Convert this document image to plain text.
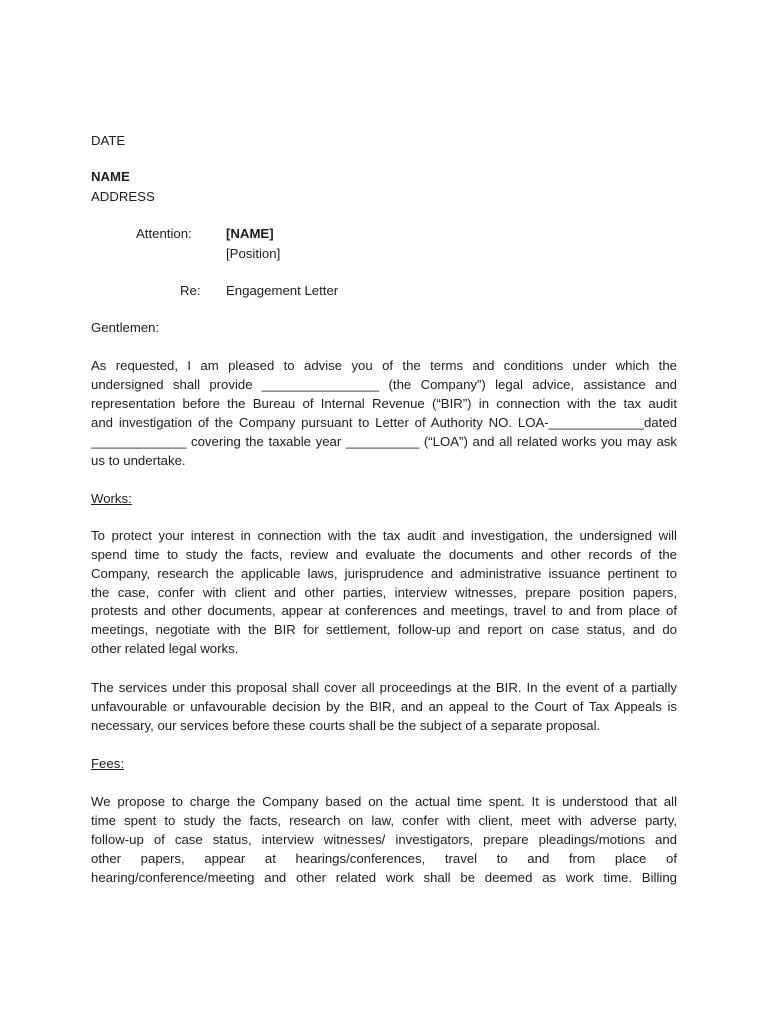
DATE
NAME
ADDRESS
Attention:	[NAME]
[Position]
Re: Engagement Letter
Gentlemen:
As requested, I am pleased to advise you of the terms and conditions under which the
undersigned shall provide ________________ (the Company”) legal advice, assistance and
representation before the Bureau of Internal Revenue (“BIR”) in connection with the tax audit
and investigation of the Company pursuant to Letter of Authority NO. LOA-_____________dated
_____________ covering the taxable year __________ (“LOA”) and all related works you may ask
us to undertake.
Works:
To protect your interest in connection with the tax audit and investigation, the undersigned will
spend time to study the facts, review and evaluate the documents and other records of the
Company, research the applicable laws, jurisprudence and administrative issuance pertinent to
the case, confer with client and other parties, interview witnesses, prepare position papers,
protests and other documents, appear at conferences and meetings, travel to and from place of
meetings, negotiate with the BIR for settlement, follow-up and report on case status, and do
other related legal works.
The services under this proposal shall cover all proceedings at the BIR. In the event of a partially
unfavourable or unfavourable decision by the BIR, and an appeal to the Court of Tax Appeals is
necessary, our services before these courts shall be the subject of a separate proposal.
Fees:
We propose to charge the Company based on the actual time spent. It is understood that all
time spent to study the facts, research on law, confer with client, meet with adverse party,
follow-up of case status, interview witnesses/ investigators, prepare pleadings/motions and
other papers, appear at hearings/conferences, travel to and from place of
hearing/conference/meeting and other related work shall be deemed as work time. Billing
